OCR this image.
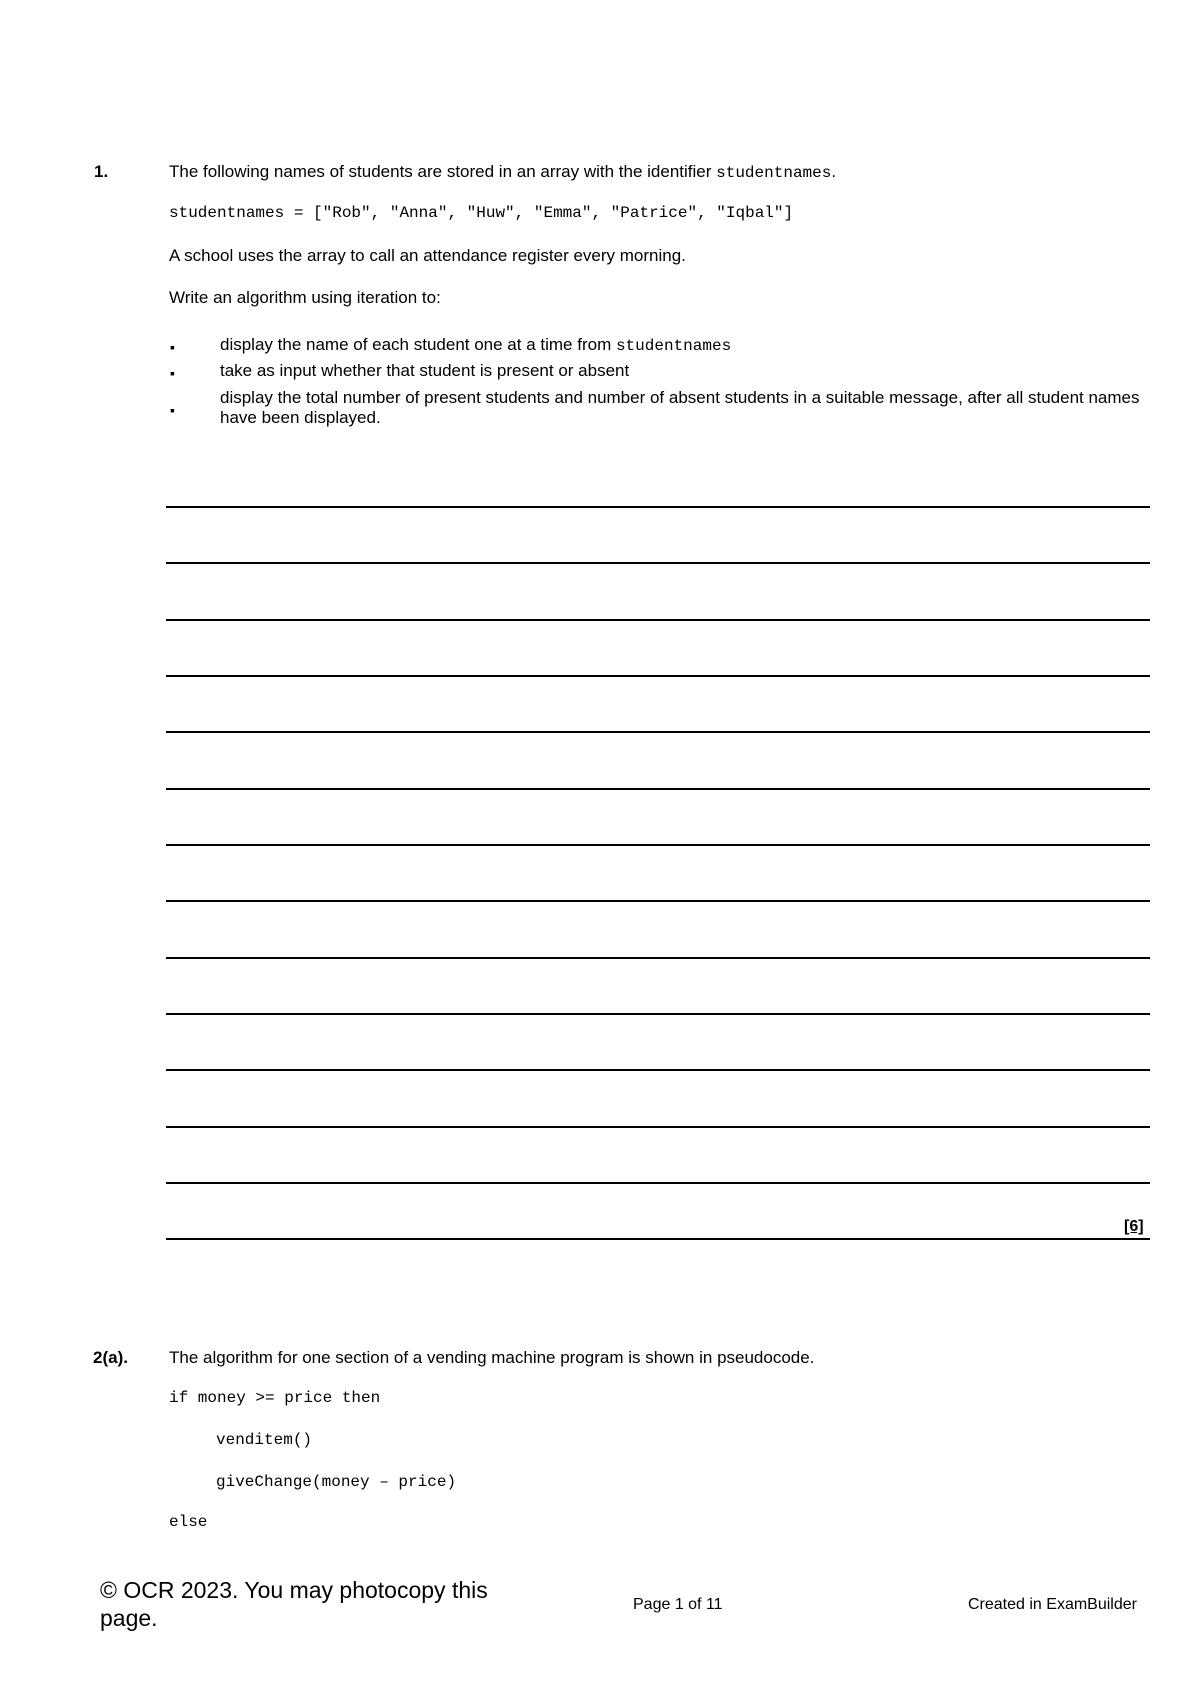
1.	The following names of students are stored in an array with the identifier studentnames.
studentnames = ["Rob", "Anna", "Huw", "Emma", "Patrice", "Iqbal"]
A school uses the array to call an attendance register every morning.
Write an algorithm using iteration to:
▪	display the name of each student one at a time from studentnames
▪	take as input whether that student is present or absent
▪
display the total number of present students and number of absent students in a suitable message, after all student names have been displayed.
[6]
2(a). The algorithm for one section of a vending machine program is shown in pseudocode.
if money >= price then
venditem()
giveChange(money – price)
else
© OCR 2023. You may photocopy this page.
Page 1 of 11	Created in ExamBuilder
